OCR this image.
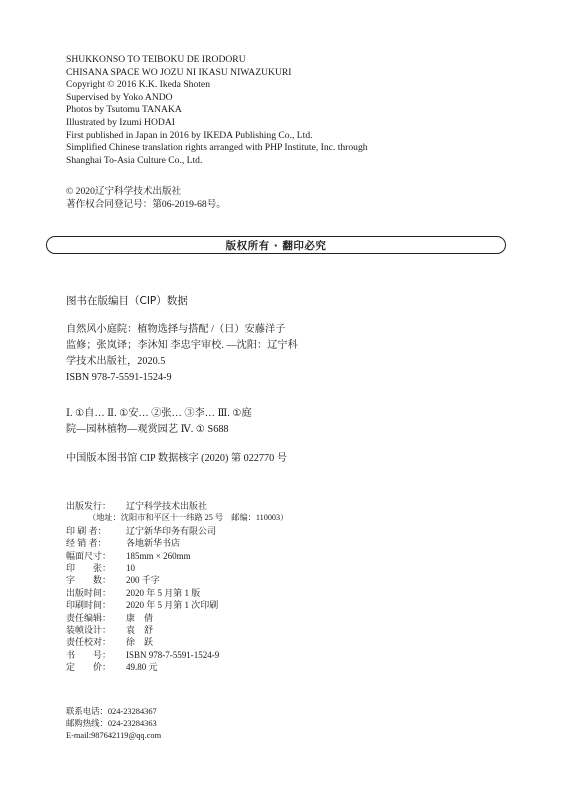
SHUKKONSO TO TEIBOKU DE IRODORU
CHISANA SPACE WO JOZU NI IKASU NIWAZUKURI
Copyright © 2016 K.K. Ikeda Shoten
Supervised by Yoko ANDO
Photos by Tsutomu TANAKA
Illustrated by Izumi HODAI
First published in Japan in 2016 by IKEDA Publishing Co., Ltd.
Simplified Chinese translation rights arranged with PHP Institute, Inc. through
Shanghai To-Asia Culture Co., Ltd.
© 2020辽宁科学技术出版社
著作权合同登记号：第06-2019-68号。
版权所有 · 翻印必究
图书在版编目（CIP）数据
自然风小庭院：植物选择与搭配 /（日）安藤洋子
监修；张岚译；李沐知 李忠宇审校. —沈阳：辽宁科
学技术出版社，2020.5
ISBN 978-7-5591-1524-9
Ⅰ. ①自… Ⅱ. ①安… ②张… ③李… Ⅲ. ①庭
院—园林植物—观赏园艺 Ⅳ. ① S688
中国版本图书馆 CIP 数据核字 (2020) 第 022770 号
出版发行：	辽宁科学技术出版社
（地址：沈阳市和平区十一纬路 25 号　邮编：110003）
印 刷 者：	辽宁新华印务有限公司
经 销 者：	各地新华书店
幅面尺寸：	185mm × 260mm
印　　张：	10
字　　数：	200 千字
出版时间：	2020 年 5 月第 1 版
印刷时间：	2020 年 5 月第 1 次印刷
责任编辑：	康　倩
装帧设计：	袁　舒
责任校对：	徐　跃
书　　号：	ISBN 978-7-5591-1524-9
定　　价：	49.80 元
联系电话：024-23284367
邮购热线：024-23284363
E-mail:987642119@qq.com
